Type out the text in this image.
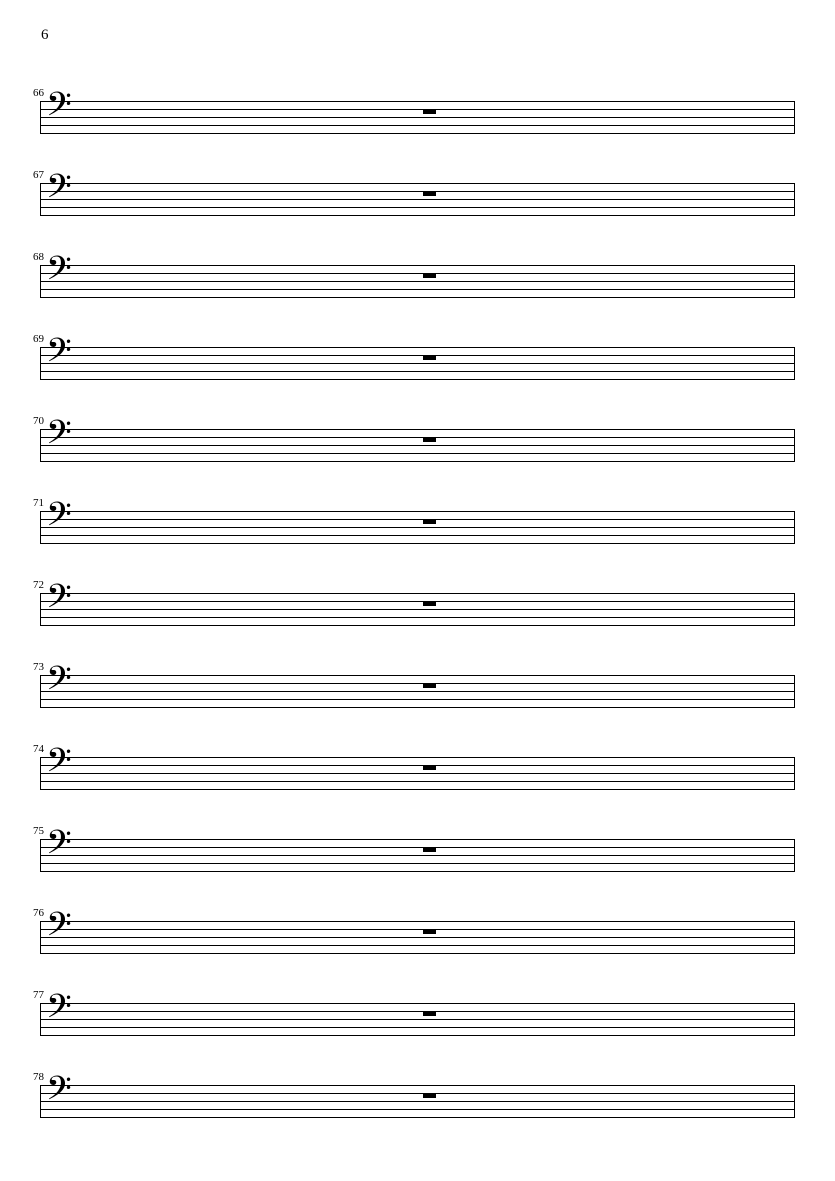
6
66 𝄢
67 𝄢
68 𝄢
69 𝄢
70 𝄢
71 𝄢
72 𝄢
73 𝄢
74 𝄢
75 𝄢
76 𝄢
77 𝄢
78 𝄢
